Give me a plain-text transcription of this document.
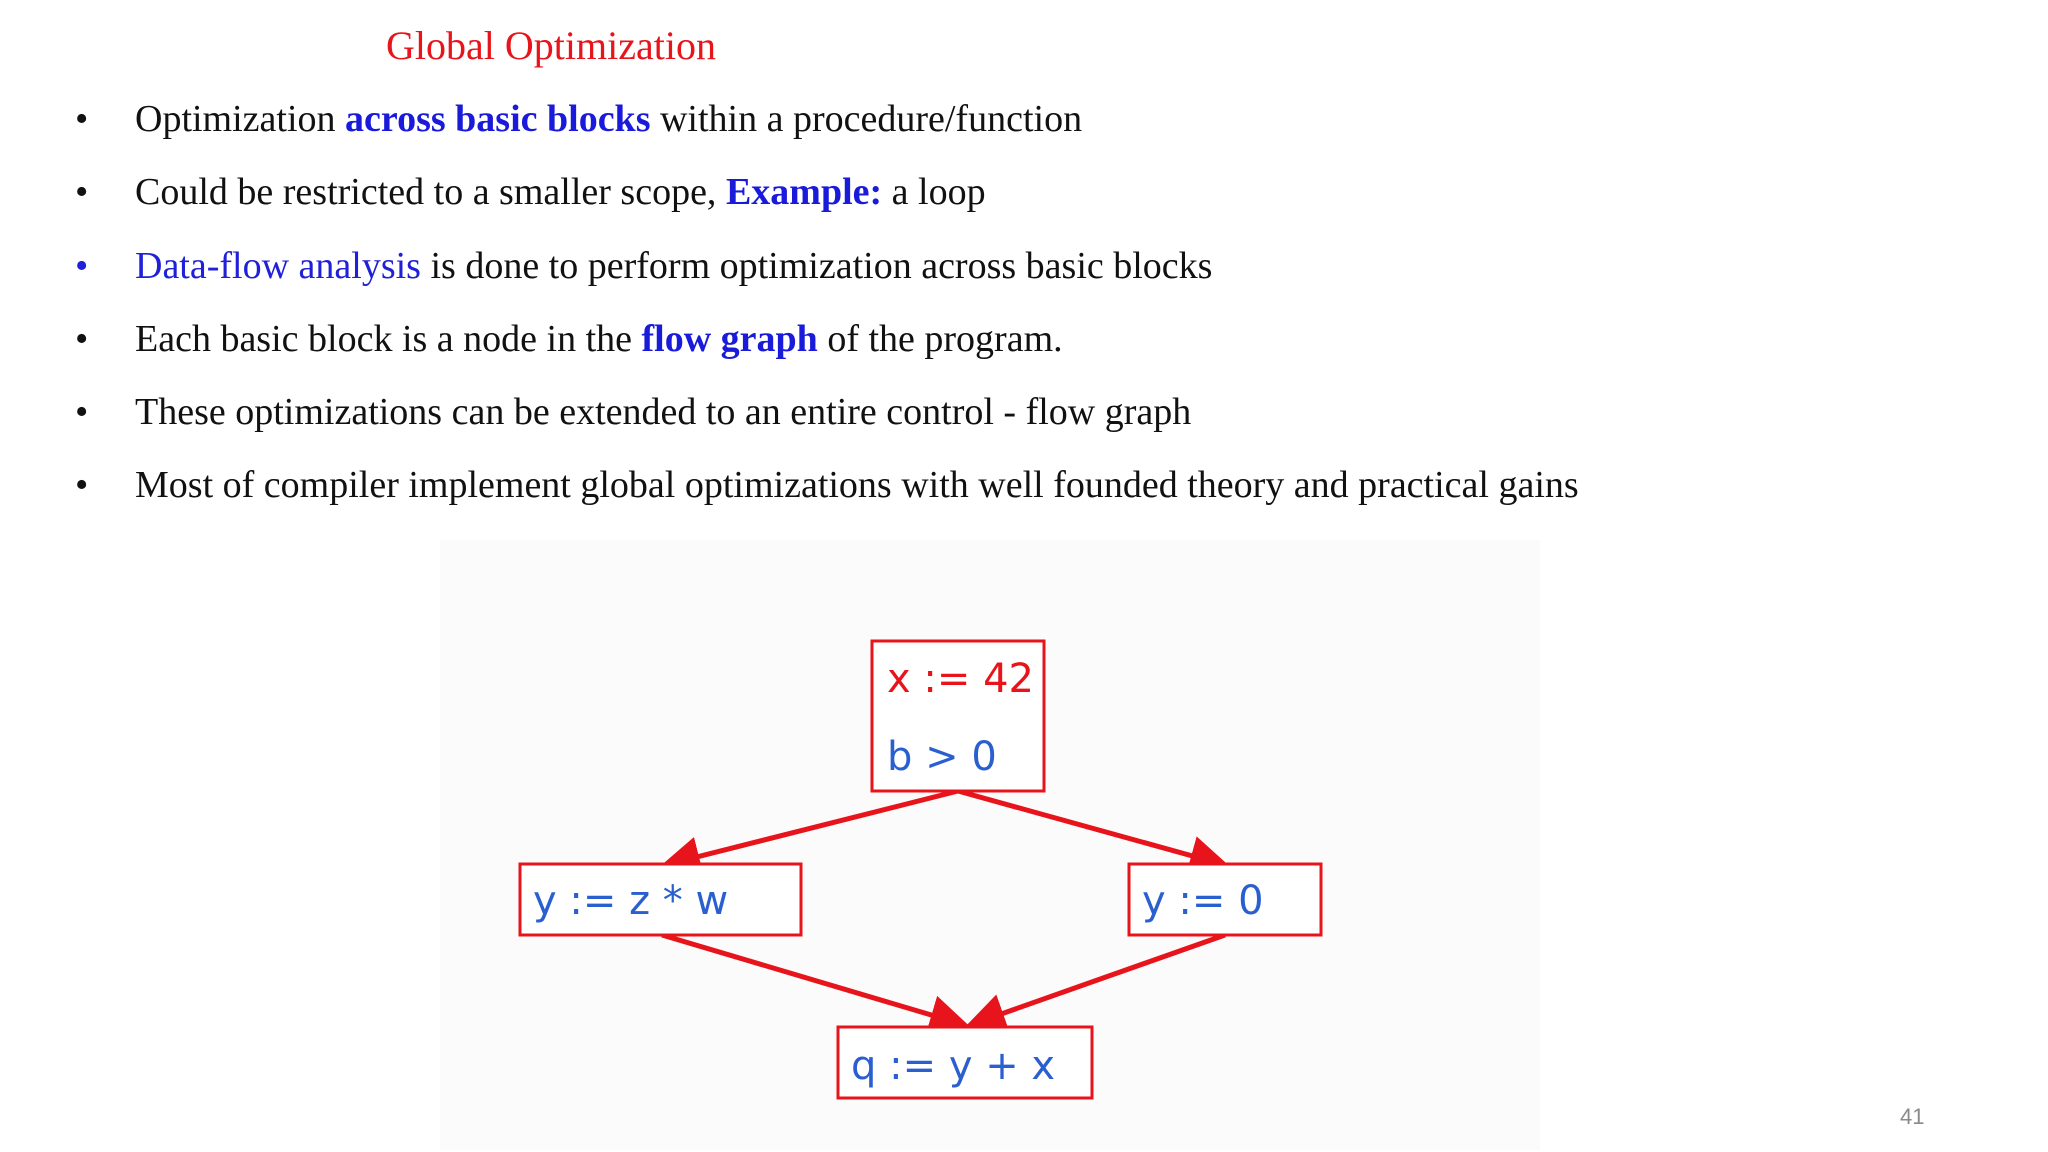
Global Optimization
•	Optimization across basic blocks within a procedure/function
•	Could be restricted to a smaller scope, Example: a loop
•	Data-flow analysis is done to perform optimization across basic blocks
•	Each basic block is a node in the flow graph of the program.
•	These optimizations can be extended to an entire control - flow graph
•	Most of compiler implement global optimizations with well founded theory and practical gains
x := 42
b > 0
y := z * w	y := 0
q := y + x
41
